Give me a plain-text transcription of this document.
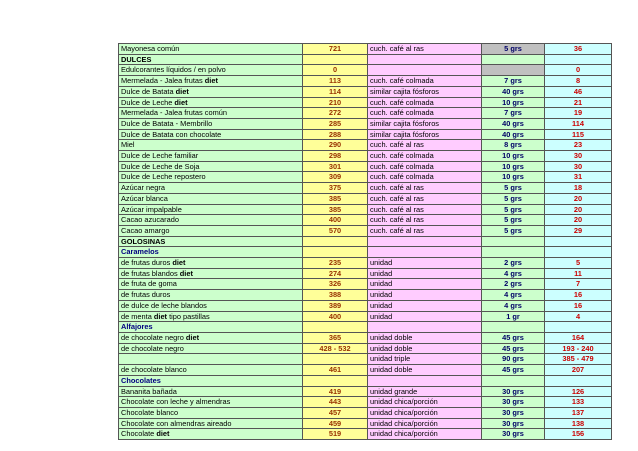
Mayonesa común	721	cuch. café al ras	5 grs	36
DULCES				
Edulcorantes líquidos / en polvo	0			0
Mermelada - Jalea frutas diet	113	cuch. café colmada	7 grs	8
Dulce de Batata diet	114	similar cajita fósforos	40 grs	46
Dulce de Leche diet	210	cuch. café colmada	10 grs	21
Mermelada - Jalea frutas común	272	cuch. café colmada	7 grs	19
Dulce de Batata - Membrillo	285	similar cajita fósforos	40 grs	114
Dulce de Batata con chocolate	288	similar cajita fósforos	40 grs	115
Miel	290	cuch. café al ras	8 grs	23
Dulce de Leche familiar	298	cuch. café colmada	10 grs	30
Dulce de Leche de Soja	301	cuch. café colmada	10 grs	30
Dulce de Leche repostero	309	cuch. café colmada	10 grs	31
Azúcar negra	375	cuch. café al ras	5 grs	18
Azúcar blanca	385	cuch. café al ras	5 grs	20
Azúcar impalpable	385	cuch. café al ras	5 grs	20
Cacao azucarado	400	cuch. café al ras	5 grs	20
Cacao amargo	570	cuch. café al ras	5 grs	29
GOLOSINAS				
Caramelos				
de frutas duros diet	235	unidad	2 grs	5
de frutas blandos diet	274	unidad	4 grs	11
de fruta de goma	326	unidad	2 grs	7
de frutas duros	388	unidad	4 grs	16
de dulce de leche blandos	389	unidad	4 grs	16
de menta diet tipo pastillas	400	unidad	1 gr	4
Alfajores				
de chocolate negro diet	365	unidad doble	45 grs	164
de chocolate negro	428 - 532	unidad doble	45 grs	193 - 240
		unidad triple	90 grs	385 - 479
de chocolate blanco	461	unidad doble	45 grs	207
Chocolates				
Bananita bañada	419	unidad grande	30 grs	126
Chocolate con leche y almendras	443	unidad chica/porción	30 grs	133
Chocolate blanco	457	unidad chica/porción	30 grs	137
Chocolate con almendras aireado	459	unidad chica/porción	30 grs	138
Chocolate diet	519	unidad chica/porción	30 grs	156
